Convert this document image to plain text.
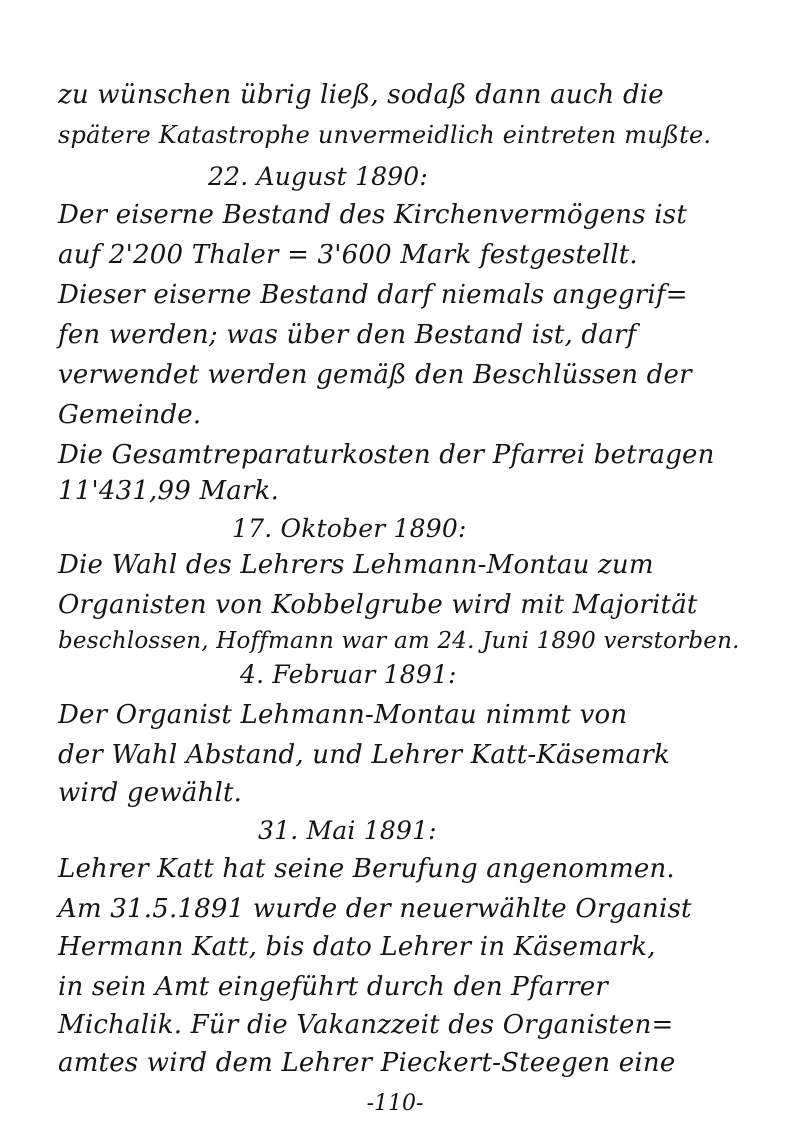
zu wünschen übrig ließ, sodaß dann auch die
spätere Katastrophe unvermeidlich eintreten mußte.
22. August 1890:
Der eiserne Bestand des Kirchenvermögens ist
auf 2'200 Thaler = 3'600 Mark festgestellt.
Dieser eiserne Bestand darf niemals angegrif=
fen werden; was über den Bestand ist, darf
verwendet werden gemäß den Beschlüssen der
Gemeinde.
Die Gesamtreparaturkosten der Pfarrei betragen
11'431,99 Mark.
17. Oktober 1890:
Die Wahl des Lehrers Lehmann-Montau zum
Organisten von Kobbelgrube wird mit Majorität
beschlossen, Hoffmann war am 24. Juni 1890 verstorben.
4. Februar 1891:
Der Organist Lehmann-Montau nimmt von
der Wahl Abstand, und Lehrer Katt-Käsemark
wird gewählt.
31. Mai 1891:
Lehrer Katt hat seine Berufung angenommen.
Am 31.5.1891 wurde der neuerwählte Organist
Hermann Katt, bis dato Lehrer in Käsemark,
in sein Amt eingeführt durch den Pfarrer
Michalik. Für die Vakanzzeit des Organisten=
amtes wird dem Lehrer Pieckert-Steegen eine
-110-
